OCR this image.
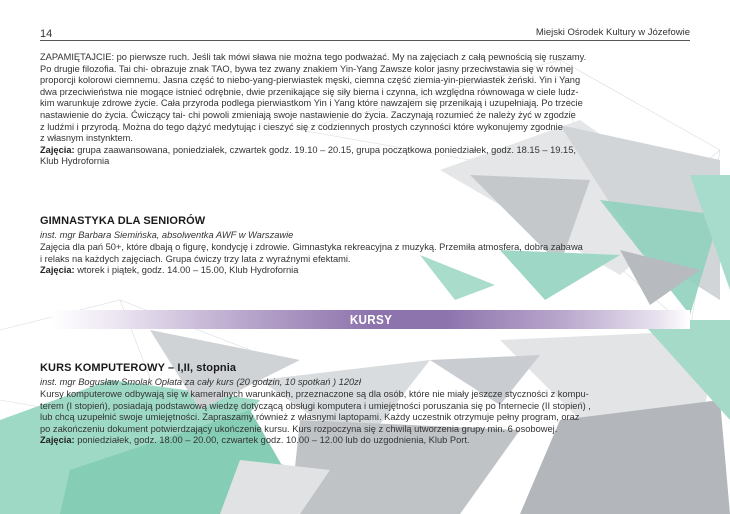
14	Miejski Ośrodek Kultury w Józefowie

ZAPAMIĘTAJCIE: po pierwsze ruch. Jeśli tak mówi sława nie można tego podważać. My na zajęciach z całą pewnością się ruszamy.

Po drugie filozofia. Tai chi- obrazuje znak TAO, bywa tez zwany znakiem Yin-Yang Zawsze kolor jasny przeciwstawia się w równej

proporcji kolorowi ciemnemu. Jasna część to niebo-yang-pierwiastek męski, ciemna część ziemia-yin-pierwiastek żeński. Yin i Yang

dwa przeciwieństwa nie mogące istnieć odrębnie, dwie przenikające się siły bierna i czynna, ich względna równowaga w ciele ludz-

kim warunkuje zdrowe życie. Cała przyroda podlega pierwiastkom Yin i Yang które nawzajem się przenikają i uzupełniają. Po trzecie

nastawienie do życia. Ćwiczący tai- chi powoli zmieniają swoje nastawienie do życia. Zaczynają rozumieć że należy żyć w zgodzie

z ludźmi i przyrodą. Można do tego dążyć medytując i cieszyć się z codziennych prostych czynności które wykonujemy zgodnie

z własnym instynktem.

Zajęcia: grupa zaawansowana, poniedziałek, czwartek godz. 19.10 – 20.15, grupa początkowa poniedziałek, godz. 18.15 – 19.15,

Klub Hydrofornia

GIMNASTYKA DLA SENIORÓW
inst. mgr Barbara Siemińska, absolwentka AWF w Warszawie

Zajęcia dla pań 50+, które dbają o figurę, kondycję i zdrowie. Gimnastyka rekreacyjna z muzyką. Przemiła atmosfera, dobra zabawa

i relaks na każdych zajęciach. Grupa ćwiczy trzy lata z wyraźnymi efektami.

Zajęcia: wtorek i piątek, godz. 14.00 – 15.00, Klub Hydrofornia

KURSY
KURS KOMPUTEROWY – I,II, stopnia
inst. mgr Bogusław Smolak Opłata za cały kurs (20 godzin, 10 spotkań ) 120zł

Kursy komputerowe odbywają się w kameralnych warunkach, przeznaczone są dla osób, które nie miały jeszcze styczności z kompu-

terem (I stopień), posiadają podstawową wiedzę dotyczącą obsługi komputera i umiejętności poruszania się po Internecie (II stopień) ,

lub chcą uzupełnić swoje umiejętności. Zapraszamy również z własnymi laptopami. Każdy uczestnik otrzymuje pełny program, oraz

po zakończeniu dokument potwierdzający ukończenie kursu. Kurs rozpoczyna się z chwilą utworzenia grupy min. 6 osobowej.

Zajęcia: poniedziałek, godz. 18.00 – 20.00, czwartek godz. 10.00 – 12.00 lub do uzgodnienia, Klub Port.
